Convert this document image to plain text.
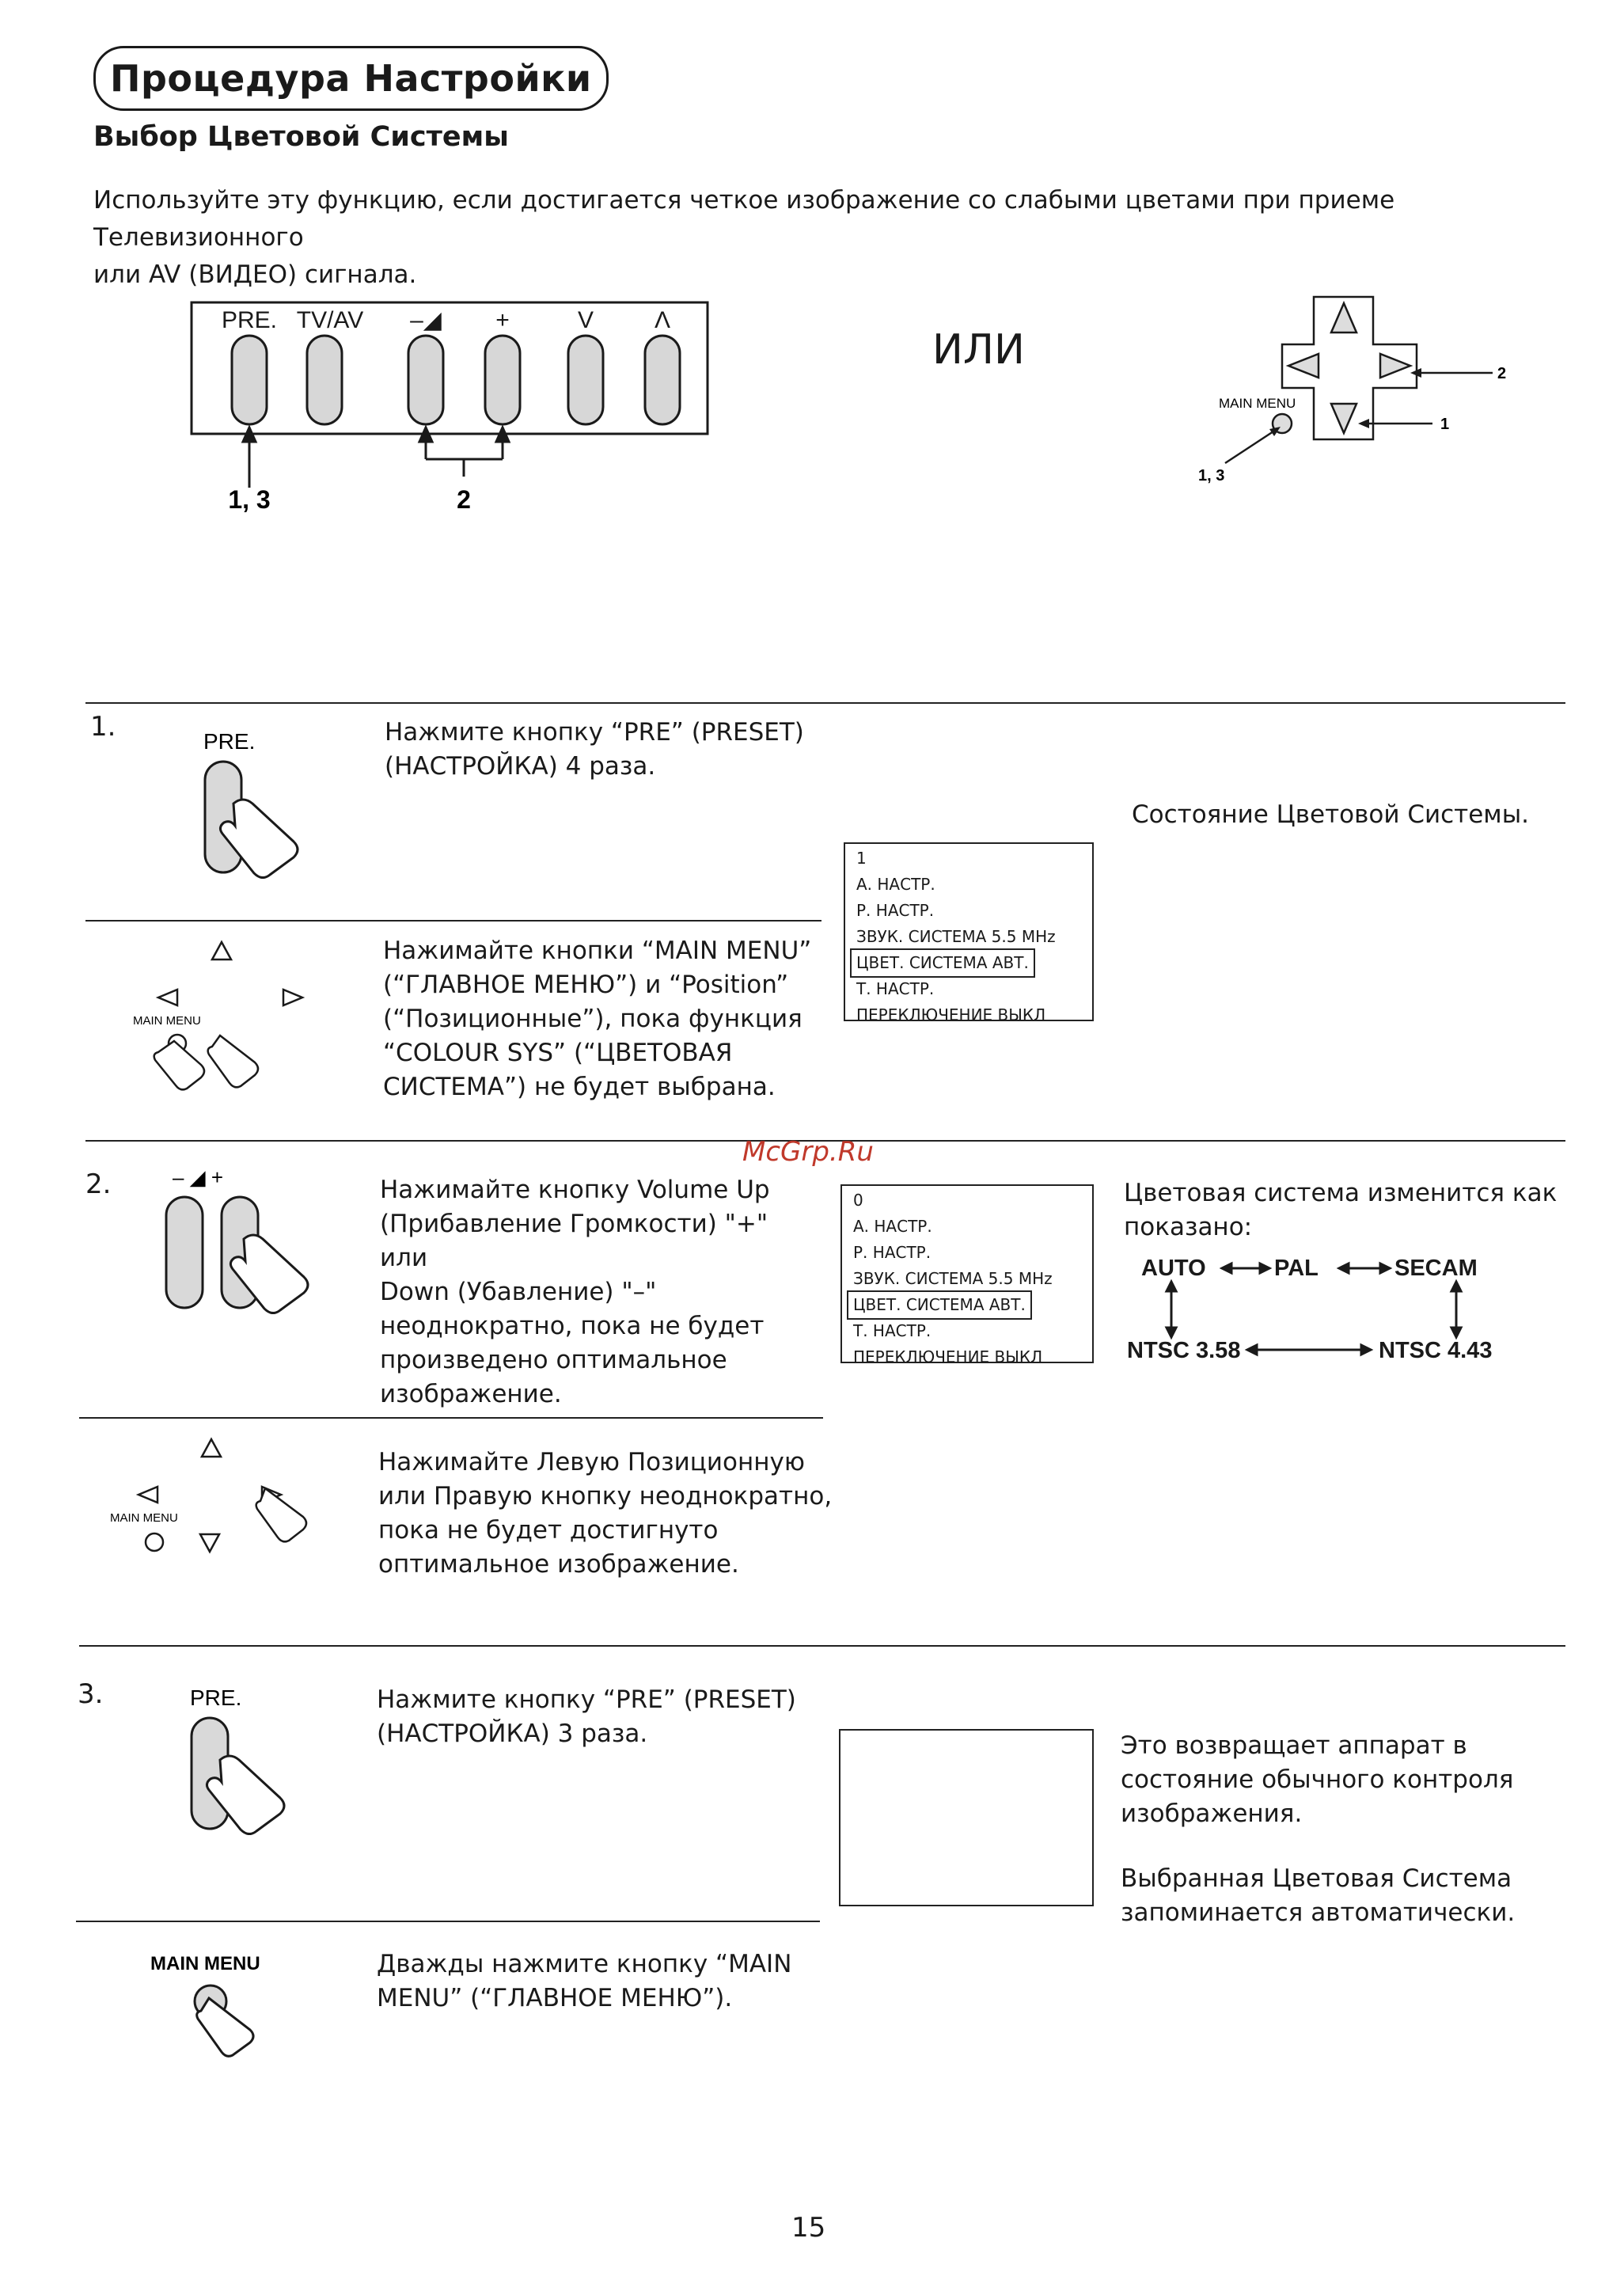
Процедура Настройки
Выбор Цветовой Системы
Используйте эту функцию, если достигается четкое изображение со слабыми цветами при приеме Телевизионного
или AV (ВИДЕО) сигнала.
PRE. TV/AV –◢ +	V	Λ
1, 3	2
ИЛИ
MAIN MENU
2
1
1, 3
1.	PRE.	Нажмите кнопку “PRE” (PRESET)
(НАСТРОЙКА) 4 раза.
Состояние Цветовой Системы.
1
А. НАСТР.
Р. НАСТР.
ЗВУК. СИСТЕМА 5.5 MHz
ЦВЕТ. СИСТЕМА АВТ.
Т. НАСТР.
ПЕРЕКЛЮЧЕНИЕ ВЫКЛ
MAIN MENU
Нажимайте кнопки “MAIN MENU”
(“ГЛАВНОЕ МЕНЮ”) и “Position”
(“Позиционные”), пока функция
“COLOUR SYS” (“ЦВЕТОВАЯ
СИСТЕМА”) не будет выбрана.
2.	– ◢ +	Нажимайте кнопку Volume Up
(Прибавление Громкости) "+" или
Down (Убавление) "–"
неоднократно, пока не будет
произведено оптимальное
изображение.
0
А. НАСТР.
Р. НАСТР.
ЗВУК. СИСТЕМА 5.5 MHz
ЦВЕТ. СИСТЕМА АВТ.
Т. НАСТР.
ПЕРЕКЛЮЧЕНИЕ ВЫКЛ
Цветовая система изменится как
показано:
AUTO	PAL	SECAM
NTSC 3.58	NTSC 4.43
MAIN MENU
Нажимайте Левую Позиционную
или Правую кнопку неоднократно,
пока не будет достигнуто
оптимальное изображение.
3.	PRE.	Нажмите кнопку “PRE” (PRESET)
(НАСТРОЙКА) 3 раза.	Это возвращает аппарат в
состояние обычного контроля
изображения.
Выбранная Цветовая Система
запоминается автоматически.
MAIN MENU	Дважды нажмите кнопку “MAIN
MENU” (“ГЛАВНОЕ МЕНЮ”).
McGrp.Ru
15
